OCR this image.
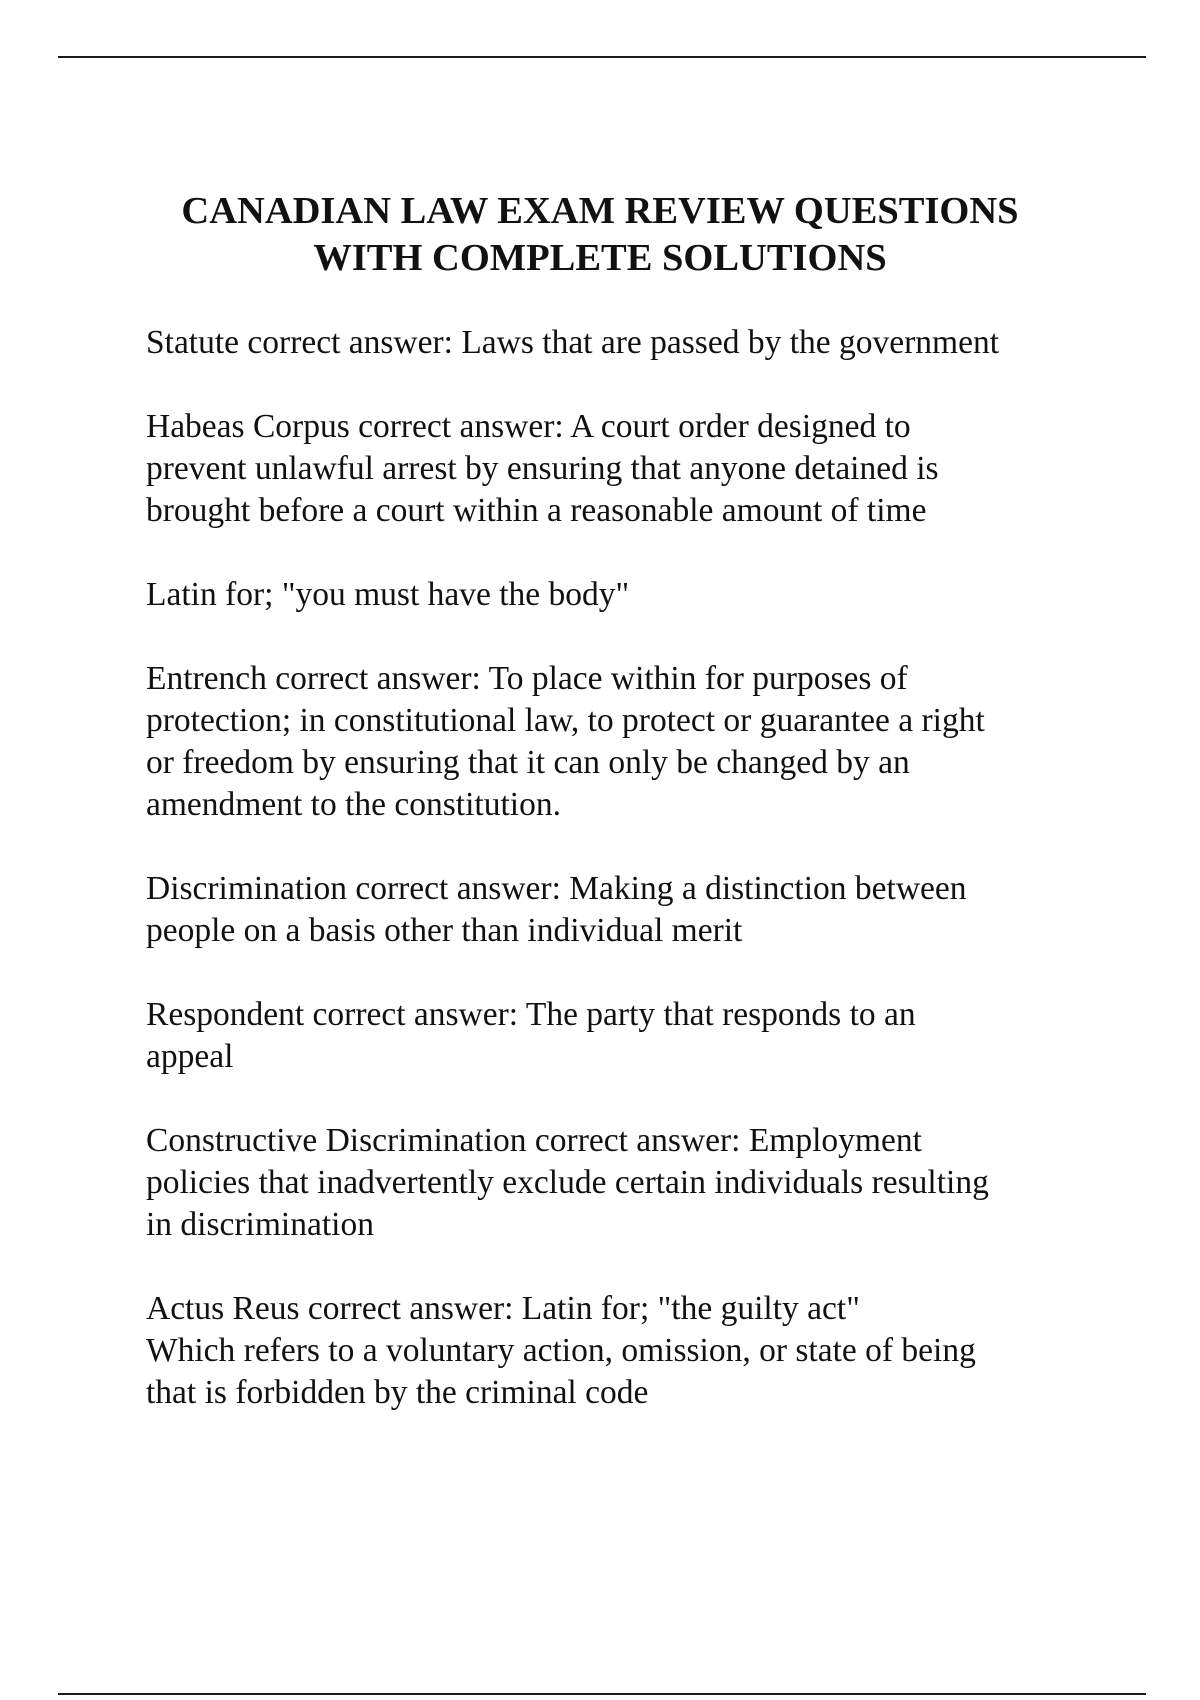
CANADIAN LAW EXAM REVIEW QUESTIONS
WITH COMPLETE SOLUTIONS
Statute correct answer: Laws that are passed by the government
Habeas Corpus correct answer: A court order designed to
prevent unlawful arrest by ensuring that anyone detained is
brought before a court within a reasonable amount of time
Latin for; "you must have the body"
Entrench correct answer: To place within for purposes of
protection; in constitutional law, to protect or guarantee a right
or freedom by ensuring that it can only be changed by an
amendment to the constitution.
Discrimination correct answer: Making a distinction between
people on a basis other than individual merit
Respondent correct answer: The party that responds to an
appeal
Constructive Discrimination correct answer: Employment
policies that inadvertently exclude certain individuals resulting
in discrimination
Actus Reus correct answer: Latin for; "the guilty act"
Which refers to a voluntary action, omission, or state of being
that is forbidden by the criminal code
